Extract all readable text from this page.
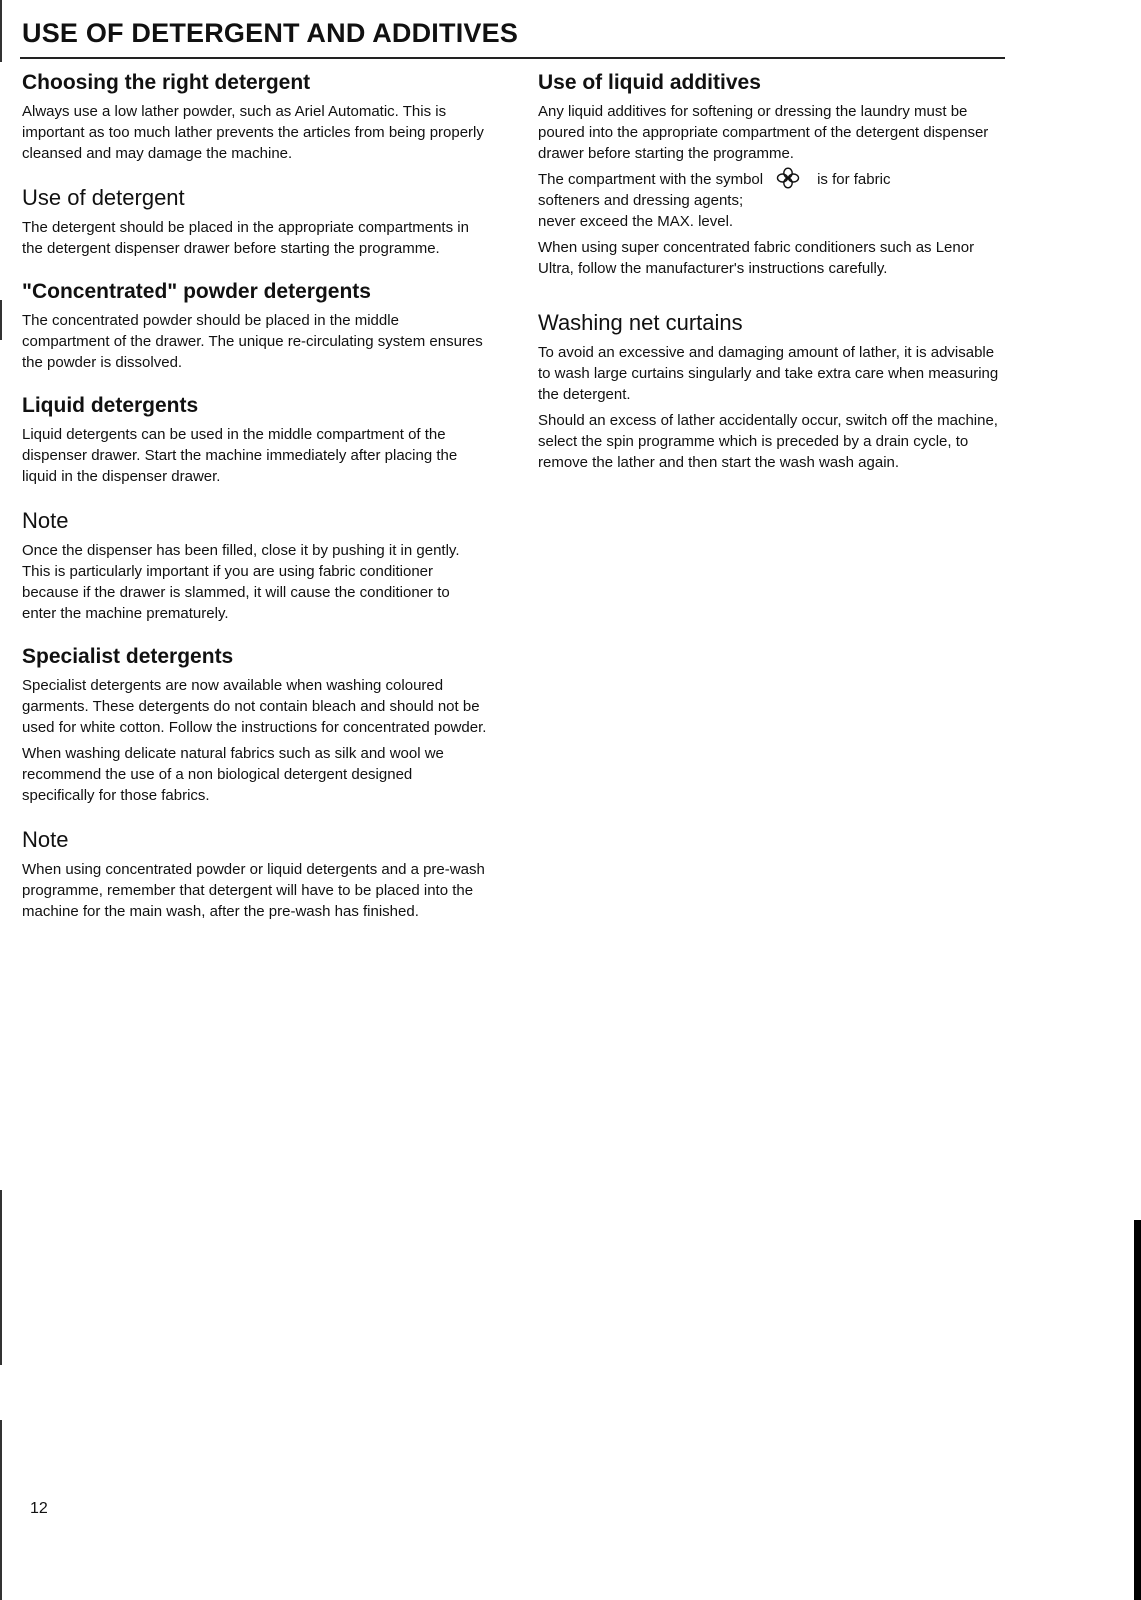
USE OF DETERGENT AND ADDITIVES
Choosing the right detergent

Always use a low lather powder, such as Ariel Automatic. This is important as too much lather prevents the articles from being properly cleansed and may damage the machine.

Use of detergent

The detergent should be placed in the appropriate compartments in the detergent dispenser drawer before starting the programme.

"Concentrated" powder detergents

The concentrated powder should be placed in the middle compartment of the drawer. The unique re-circulating system ensures the powder is dissolved.

Liquid detergents

Liquid detergents can be used in the middle compartment of the dispenser drawer. Start the machine immediately after placing the liquid in the dispenser drawer.

Note

Once the dispenser has been filled, close it by pushing it in gently. This is particularly important if you are using fabric conditioner because if the drawer is slammed, it will cause the conditioner to enter the machine prematurely.

Specialist detergents

Specialist detergents are now available when washing coloured garments. These detergents do not contain bleach and should not be used for white cotton. Follow the instructions for concentrated powder.

When washing delicate natural fabrics such as silk and wool we recommend the use of a non biological detergent designed specifically for those fabrics.

Note

When using concentrated powder or liquid detergents and a pre-wash programme, remember that detergent will have to be placed into the machine for the main wash, after the pre-wash has finished.

Use of liquid additives

Any liquid additives for softening or dressing the laundry must be poured into the appropriate compartment of the detergent dispenser drawer before starting the programme.

The compartment with the symbol	is for fabric
softeners and dressing agents;
never exceed the MAX. level.

When using super concentrated fabric conditioners such as Lenor Ultra, follow the manufacturer's instructions carefully.

Washing net curtains

To avoid an excessive and damaging amount of lather, it is advisable to wash large curtains singularly and take extra care when measuring the detergent.

Should an excess of lather accidentally occur, switch off the machine, select the spin programme which is preceded by a drain cycle, to remove the lather and then start the wash wash again.

12
